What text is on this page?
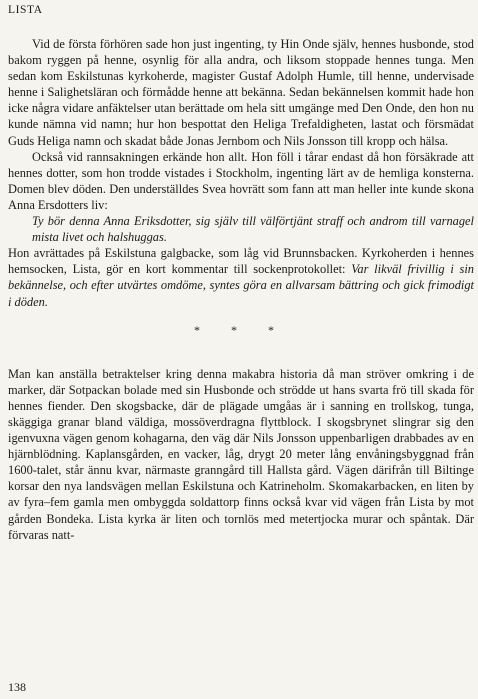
LISTA

Vid de första förhören sade hon just ingenting, ty Hin Onde själv, hennes husbonde, stod bakom ryggen på henne, osynlig för alla andra, och liksom stoppade hennes tunga. Men sedan kom Eskilstunas kyrkoherde, magister Gustaf Adolph Humle, till henne, undervisade henne i Salighetsläran och förmådde henne att bekänna. Sedan bekännelsen kommit hade hon icke några vidare anfäktelser utan berättade om hela sitt umgänge med Den Onde, den hon nu kunde nämna vid namn; hur hon bespottat den Heliga Trefaldigheten, lastat och försmädat Guds Heliga namn och skadat både Jonas Jernbom och Nils Jonsson till kropp och hälsa.

Också vid rannsakningen erkände hon allt. Hon föll i tårar endast då hon försäkrade att hennes dotter, som hon trodde vistades i Stockholm, ingenting lärt av de hemliga konsterna. Domen blev döden. Den underställdes Svea hovrätt som fann att man heller inte kunde skona Anna Ersdotters liv:

Ty bör denna Anna Eriksdotter, sig själv till välförtjänt straff och androm till varnagel mista livet och halshuggas.

Hon avrättades på Eskilstuna galgbacke, som låg vid Brunnsbacken. Kyrkoherden i hennes hemsocken, Lista, gör en kort kommentar till sockenprotokollet: Var likväl frivillig i sin bekännelse, och efter utvärtes omdöme, syntes göra en allvarsam bättring och gick frimodigt i döden.

* * *

Man kan anställa betraktelser kring denna makabra historia då man ströver omkring i de marker, där Sotpackan bolade med sin Husbonde och strödde ut hans svarta frö till skada för hennes fiender. Den skogsbacke, där de plägade umgåas är i sanning en trollskog, tunga, skäggiga granar bland väldiga, mossöverdragna flyttblock. I skogsbrynet slingrar sig den igenvuxna vägen genom kohagarna, den väg där Nils Jonsson uppenbarligen drabbades av en hjärnblödning. Kaplansgården, en vacker, låg, drygt 20 meter lång envåningsbyggnad från 1600-talet, står ännu kvar, närmaste granngård till Hallsta gård. Vägen därifrån till Biltinge korsar den nya landsvägen mellan Eskilstuna och Katrineholm. Skomakarbacken, en liten by av fyra–fem gamla men ombyggda soldattorp finns också kvar vid vägen från Lista by mot gården Bondeka. Lista kyrka är liten och tornlös med metertjocka murar och spåntak. Där förvaras natt-

138
